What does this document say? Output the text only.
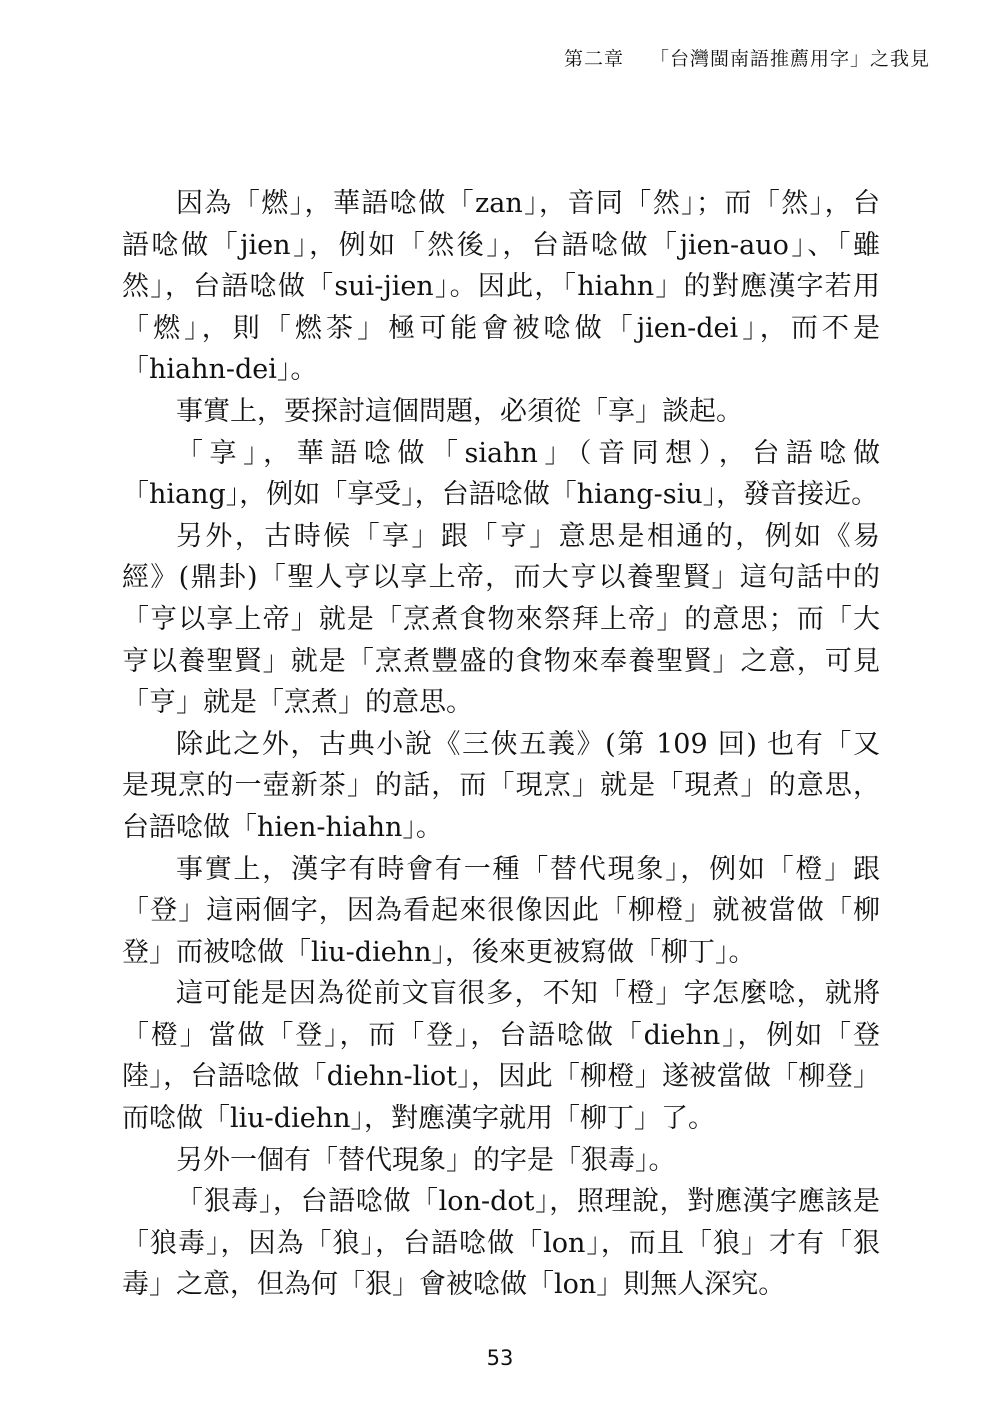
第二章 「台灣閩南語推薦用字」之我見
因為「燃」，華語唸做「zan」，音同「然」；而「然」，台
語唸做「jien」，例如「然後」，台語唸做「jien-auo」、「雖
然」，台語唸做「sui-jien」。因此，「hiahn」的對應漢字若用
「燃」，則「燃茶」極可能會被唸做「jien-dei」，而不是
「hiahn-dei」。
事實上，要探討這個問題，必須從「享」談起。
「享」，華語唸做「siahn」（音同想），台語唸做
「hiang」，例如「享受」，台語唸做「hiang-siu」，發音接近。
另外，古時候「享」跟「亨」意思是相通的，例如《易
經》(鼎卦)「聖人亨以享上帝，而大亨以養聖賢」這句話中的
「亨以享上帝」就是「烹煮食物來祭拜上帝」的意思；而「大
亨以養聖賢」就是「烹煮豐盛的食物來奉養聖賢」之意，可見
「亨」就是「烹煮」的意思。
除此之外，古典小說《三俠五義》(第 109 回) 也有「又
是現烹的一壺新茶」的話，而「現烹」就是「現煮」的意思，
台語唸做「hien-hiahn」。
事實上，漢字有時會有一種「替代現象」，例如「橙」跟
「登」這兩個字，因為看起來很像因此「柳橙」就被當做「柳
登」而被唸做「liu-diehn」，後來更被寫做「柳丁」。
這可能是因為從前文盲很多，不知「橙」字怎麼唸，就將
「橙」當做「登」，而「登」，台語唸做「diehn」，例如「登
陸」，台語唸做「diehn-liot」，因此「柳橙」遂被當做「柳登」
而唸做「liu-diehn」，對應漢字就用「柳丁」了。
另外一個有「替代現象」的字是「狠毒」。
「狠毒」，台語唸做「lon-dot」，照理說，對應漢字應該是
「狼毒」，因為「狼」，台語唸做「lon」，而且「狼」才有「狠
毒」之意，但為何「狠」會被唸做「lon」則無人深究。
53
